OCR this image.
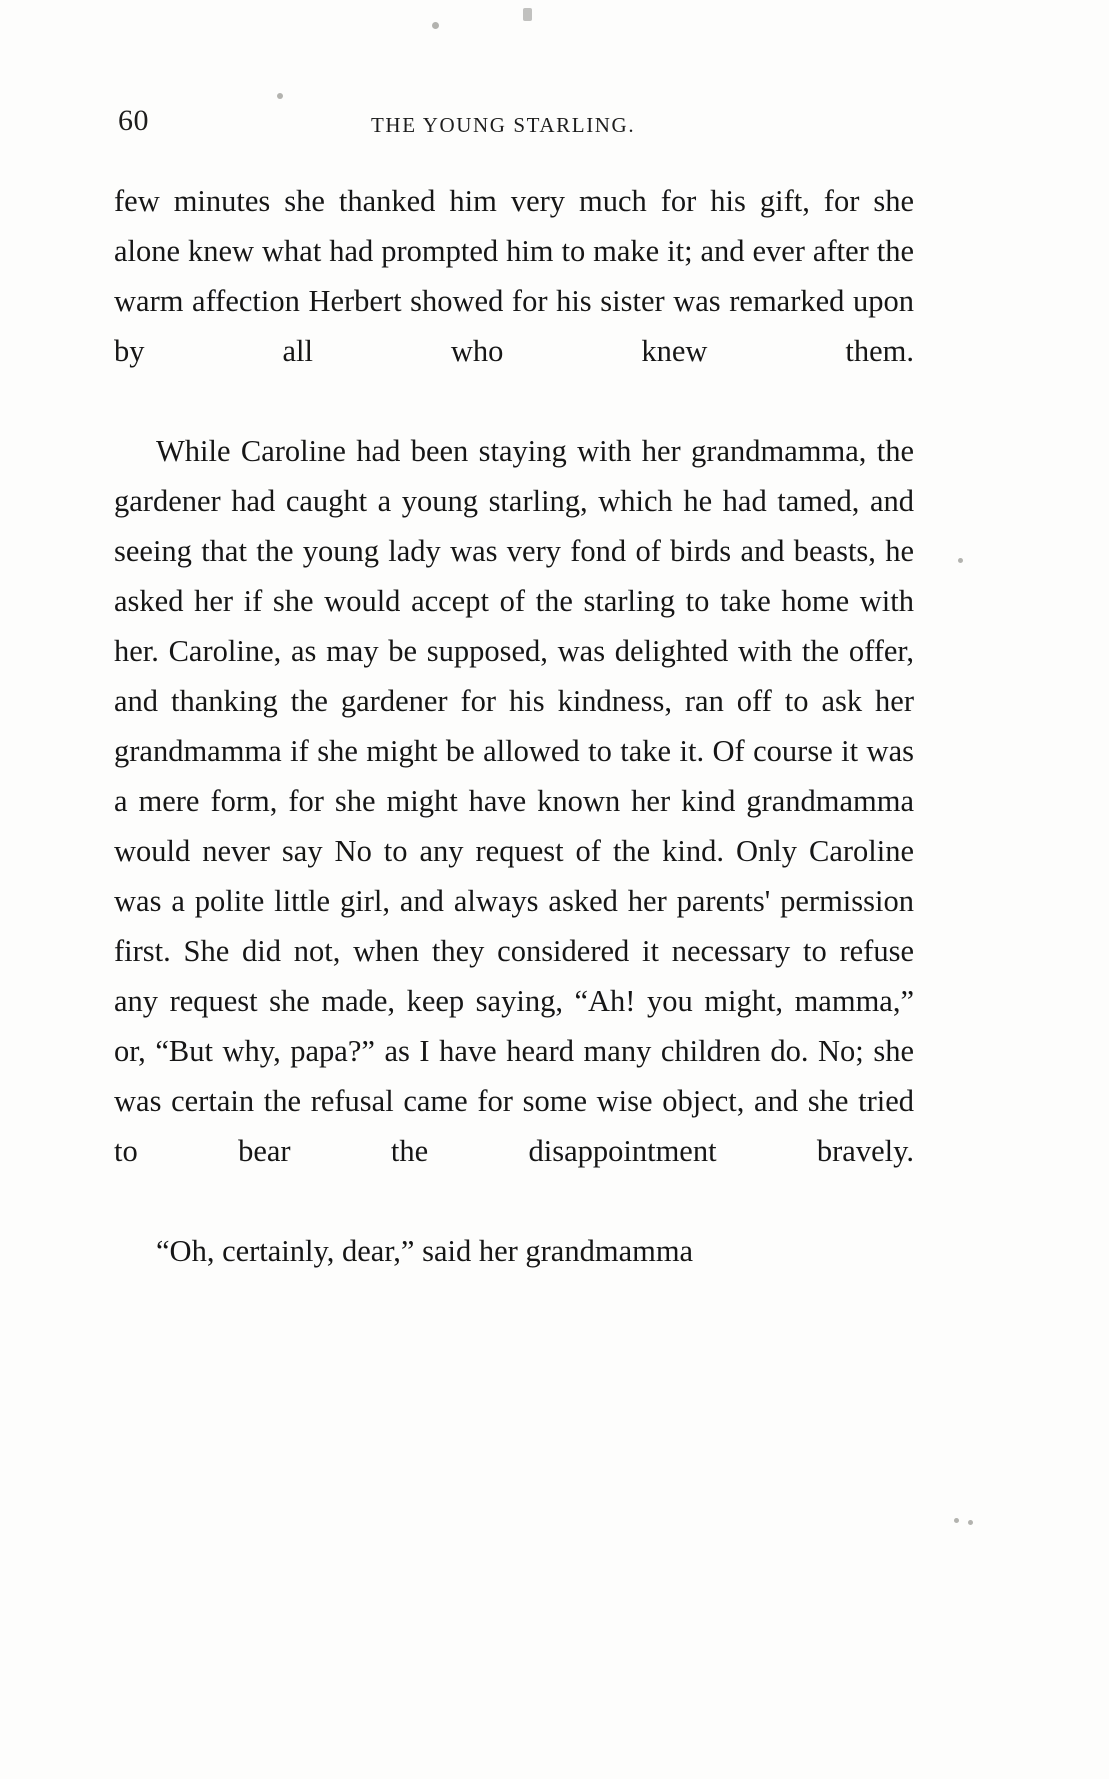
60	THE YOUNG STARLING.

few minutes she thanked him very much for his gift, for she alone knew what had prompted him to make it; and ever after the warm affection Herbert showed for his sister was remarked upon by all who knew them.

While Caroline had been staying with her grandmamma, the gardener had caught a young starling, which he had tamed, and seeing that the young lady was very fond of birds and beasts, he asked her if she would accept of the starling to take home with her. Caroline, as may be supposed, was delighted with the offer, and thanking the gardener for his kindness, ran off to ask her grandmamma if she might be allowed to take it. Of course it was a mere form, for she might have known her kind grandmamma would never say No to any request of the kind. Only Caroline was a polite little girl, and always asked her parents' permission first. She did not, when they considered it necessary to refuse any request she made, keep saying, “Ah! you might, mamma,” or, “But why, papa?” as I have heard many children do. No; she was certain the refusal came for some wise object, and she tried to bear the disappointment bravely.

“Oh, certainly, dear,” said her grandmamma
